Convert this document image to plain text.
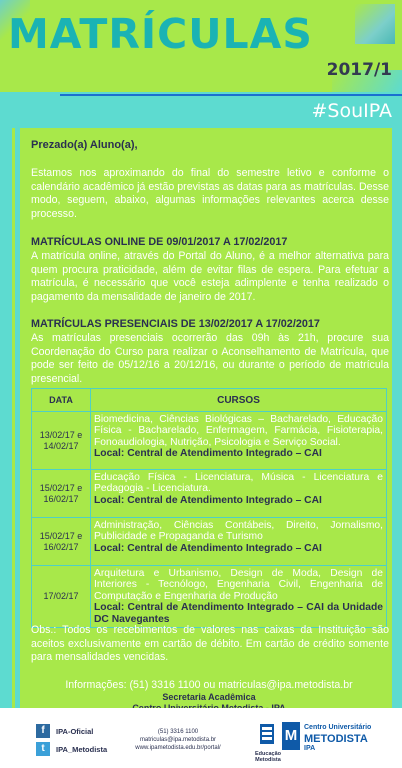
MATRÍCULAS
2017/1
#SouIPA

Prezado(a) Aluno(a),

Estamos nos aproximando do final do semestre letivo e conforme o calendário acadêmico já estão previstas as datas para as matrículas. Desse modo, seguem, abaixo, algumas informações relevantes acerca desse processo.

MATRÍCULAS ONLINE DE 09/01/2017 A 17/02/2017

A matrícula online, através do Portal do Aluno, é a melhor alternativa para quem procura praticidade, além de evitar filas de espera. Para efetuar a matrícula, é necessário que você esteja adimplente e tenha realizado o pagamento da mensalidade de janeiro de 2017.

MATRÍCULAS PRESENCIAIS DE 13/02/2017 A 17/02/2017

As matrículas presenciais ocorrerão das 09h às 21h, procure sua Coordenação do Curso para realizar o Aconselhamento de Matrícula, que pode ser feito de 05/12/16 a 20/12/16, ou durante o período de matrícula presencial.

DATA	CURSOS
13/02/17 e 14/02/17	Biomedicina, Ciências Biológicas – Bacharelado, Educação Física - Bacharelado, Enfermagem, Farmácia, Fisioterapia, Fonoaudiologia, Nutrição, Psicologia e Serviço Social.
Local: Central de Atendimento Integrado – CAI
15/02/17 e 16/02/17	Educação Física - Licenciatura, Música - Licenciatura e Pedagogia - Licenciatura.
Local: Central de Atendimento Integrado – CAI
15/02/17 e 16/02/17	Administração, Ciências Contábeis, Direito, Jornalismo, Publicidade e Propaganda e Turismo
Local: Central de Atendimento Integrado – CAI
17/02/17	Arquitetura e Urbanismo, Design de Moda, Design de Interiores - Tecnólogo, Engenharia Civil, Engenharia de Computação e Engenharia de Produção
Local: Central de Atendimento Integrado – CAI da Unidade DC Navegantes

Obs.: Todos os recebimentos de valores nas caixas da Instituição são aceitos exclusivamente em cartão de débito. Em cartão de crédito somente para mensalidades vencidas.

Informações: (51) 3316 1100 ou matriculas@ipa.metodista.br

Secretaria Acadêmica

f	IPA-Oficial
t	IPA_Metodista

(51) 3316 1100
matriculas@ipa.metodista.br
www.ipametodista.edu.br/portal/

Educação
Metodista
M Centro Universitário
METODISTA
IPA
